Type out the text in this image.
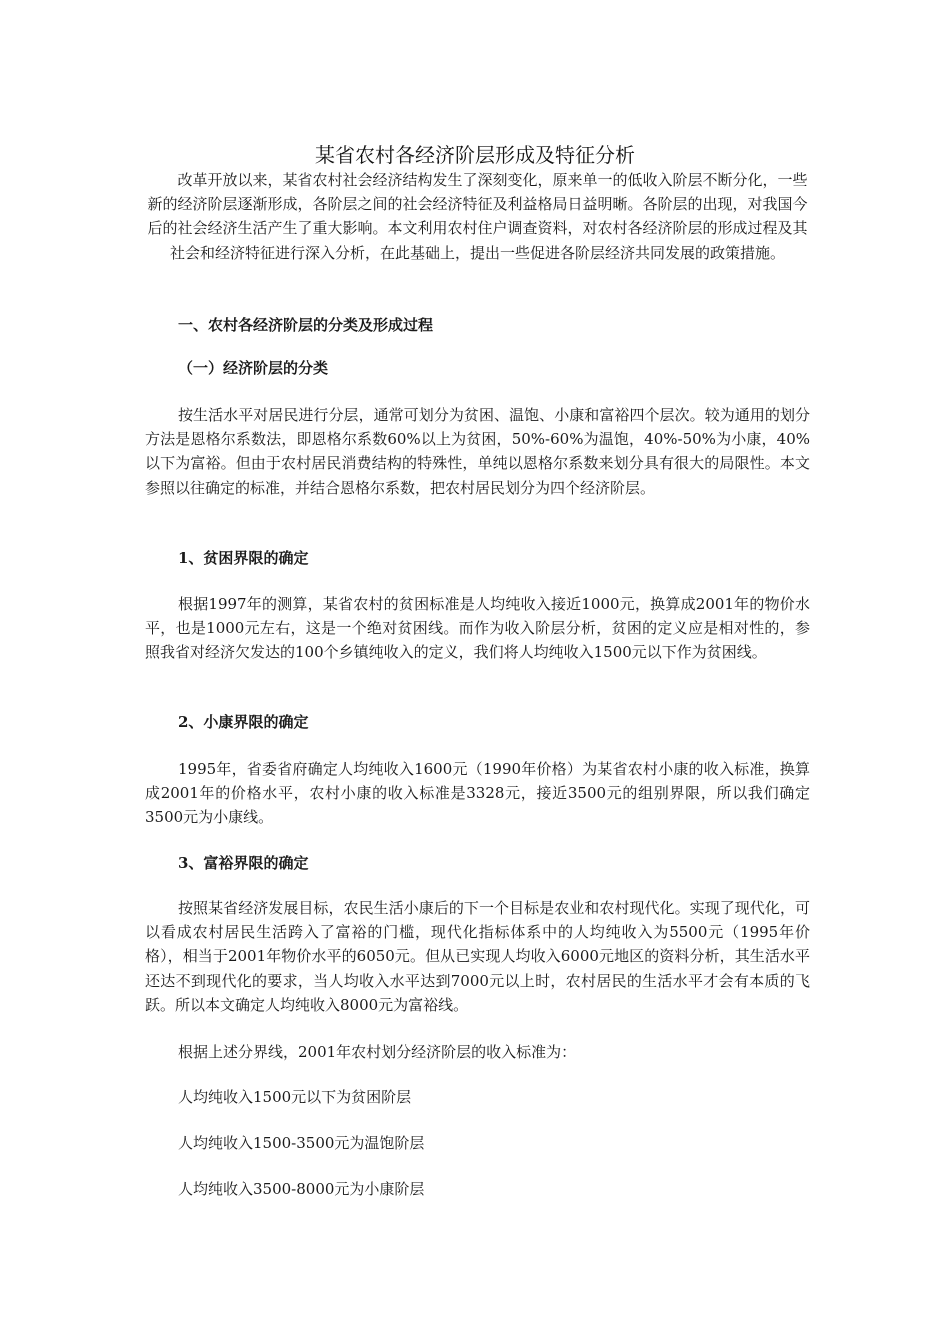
某省农村各经济阶层形成及特征分析

改革开放以来，某省农村社会经济结构发生了深刻变化，原来单一的低收入阶层不断分化，一些新的经济阶层逐渐形成，各阶层之间的社会经济特征及利益格局日益明晰。各阶层的出现，对我国今后的社会经济生活产生了重大影响。本文利用农村住户调查资料，对农村各经济阶层的形成过程及其社会和经济特征进行深入分析，在此基础上，提出一些促进各阶层经济共同发展的政策措施。

一、农村各经济阶层的分类及形成过程
（一）经济阶层的分类

按生活水平对居民进行分层，通常可划分为贫困、温饱、小康和富裕四个层次。较为通用的划分方法是恩格尔系数法，即恩格尔系数60%以上为贫困，50%-60%为温饱，40%-50%为小康，40%以下为富裕。但由于农村居民消费结构的特殊性，单纯以恩格尔系数来划分具有很大的局限性。本文参照以往确定的标准，并结合恩格尔系数，把农村居民划分为四个经济阶层。

1、贫困界限的确定

根据1997年的测算，某省农村的贫困标准是人均纯收入接近1000元，换算成2001年的物价水平，也是1000元左右，这是一个绝对贫困线。而作为收入阶层分析，贫困的定义应是相对性的，参照我省对经济欠发达的100个乡镇纯收入的定义，我们将人均纯收入1500元以下作为贫困线。

2、小康界限的确定

1995年，省委省府确定人均纯收入1600元（1990年价格）为某省农村小康的收入标准，换算成2001年的价格水平，农村小康的收入标准是3328元，接近3500元的组别界限，所以我们确定3500元为小康线。

3、富裕界限的确定

按照某省经济发展目标，农民生活小康后的下一个目标是农业和农村现代化。实现了现代化，可以看成农村居民生活跨入了富裕的门槛，现代化指标体系中的人均纯收入为5500元（1995年价格），相当于2001年物价水平的6050元。但从已实现人均收入6000元地区的资料分析，其生活水平还达不到现代化的要求，当人均收入水平达到7000元以上时，农村居民的生活水平才会有本质的飞跃。所以本文确定人均纯收入8000元为富裕线。

根据上述分界线，2001年农村划分经济阶层的收入标准为：

人均纯收入1500元以下为贫困阶层

人均纯收入1500-3500元为温饱阶层

人均纯收入3500-8000元为小康阶层
